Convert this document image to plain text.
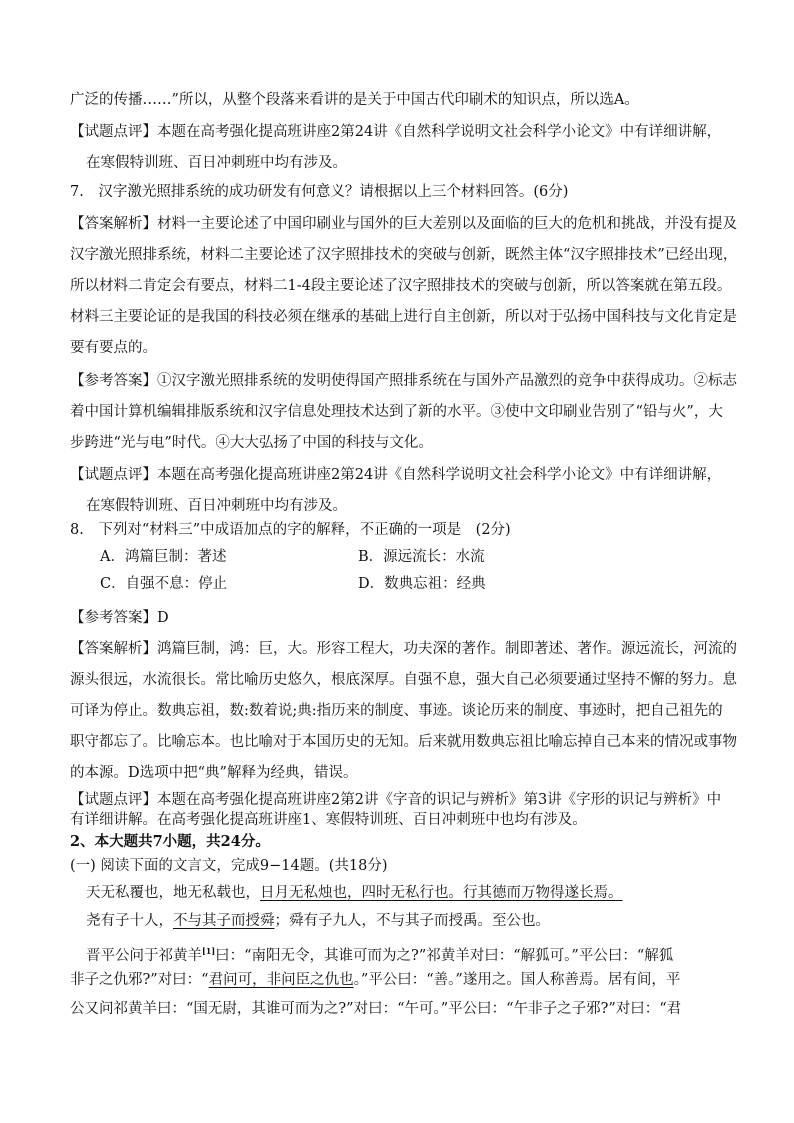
广泛的传播……”所以，从整个段落来看讲的是关于中国古代印刷术的知识点，所以选A。
【试题点评】本题在高考强化提高班讲座2第24讲《自然科学说明文社会科学小论文》中有详细讲解，
在寒假特训班、百日冲刺班中均有涉及。
7.　汉字激光照排系统的成功研发有何意义？请根据以上三个材料回答。(6分)
【答案解析】材料一主要论述了中国印刷业与国外的巨大差别以及面临的巨大的危机和挑战，并没有提及
汉字激光照排系统，材料二主要论述了汉字照排技术的突破与创新，既然主体“汉字照排技术”已经出现，
所以材料二肯定会有要点，材料二1-4段主要论述了汉字照排技术的突破与创新，所以答案就在第五段。
材料三主要论证的是我国的科技必须在继承的基础上进行自主创新，所以对于弘扬中国科技与文化肯定是
要有要点的。
【参考答案】①汉字激光照排系统的发明使得国产照排系统在与国外产品激烈的竞争中获得成功。②标志
着中国计算机编辑排版系统和汉字信息处理技术达到了新的水平。③使中文印刷业告别了“铅与火”，大
步跨进“光与电”时代。④大大弘扬了中国的科技与文化。
【试题点评】本题在高考强化提高班讲座2第24讲《自然科学说明文社会科学小论文》中有详细讲解，
在寒假特训班、百日冲刺班中均有涉及。
8.　下列对“材料三”中成语加点的字的解释，不正确的一项是　(2分)
A．鸿篇巨制：著述	B．源远流长：水流
C．自强不息：停止	D．数典忘祖：经典
【参考答案】D
【答案解析】鸿篇巨制，鸿：巨，大。形容工程大，功夫深的著作。制即著述、著作。源远流长，河流的
源头很远，水流很长。常比喻历史悠久，根底深厚。自强不息，强大自己必须要通过坚持不懈的努力。息
可译为停止。数典忘祖，数:数着说;典:指历来的制度、事迹。谈论历来的制度、事迹时，把自己祖先的
职守都忘了。比喻忘本。也比喻对于本国历史的无知。后来就用数典忘祖比喻忘掉自己本来的情况或事物
的本源。D选项中把“典”解释为经典，错误。
【试题点评】本题在高考强化提高班讲座2第2讲《字音的识记与辨析》第3讲《字形的识记与辨析》中
有详细讲解。在高考强化提高班讲座1、寒假特训班、百日冲刺班中也均有涉及。
2、本大题共7小题，共24分。
(一) 阅读下面的文言文，完成9−14题。(共18分)
天无私覆也，地无私载也，日月无私烛也，四时无私行也。行其德而万物得遂长焉。
尧有子十人，不与其子而授舜；舜有子九人，不与其子而授禹。至公也。
晋平公问于祁黄羊[1]曰：“南阳无令，其谁可而为之?”祁黄羊对曰：“解狐可。”平公曰：“解狐
非子之仇邪?”对曰：“君问可，非问臣之仇也。”平公曰：“善。”遂用之。国人称善焉。居有间，平
公又问祁黄羊曰：“国无尉，其谁可而为之?”对曰：“午可。”平公曰：“午非子之子邪?”对曰：“君
